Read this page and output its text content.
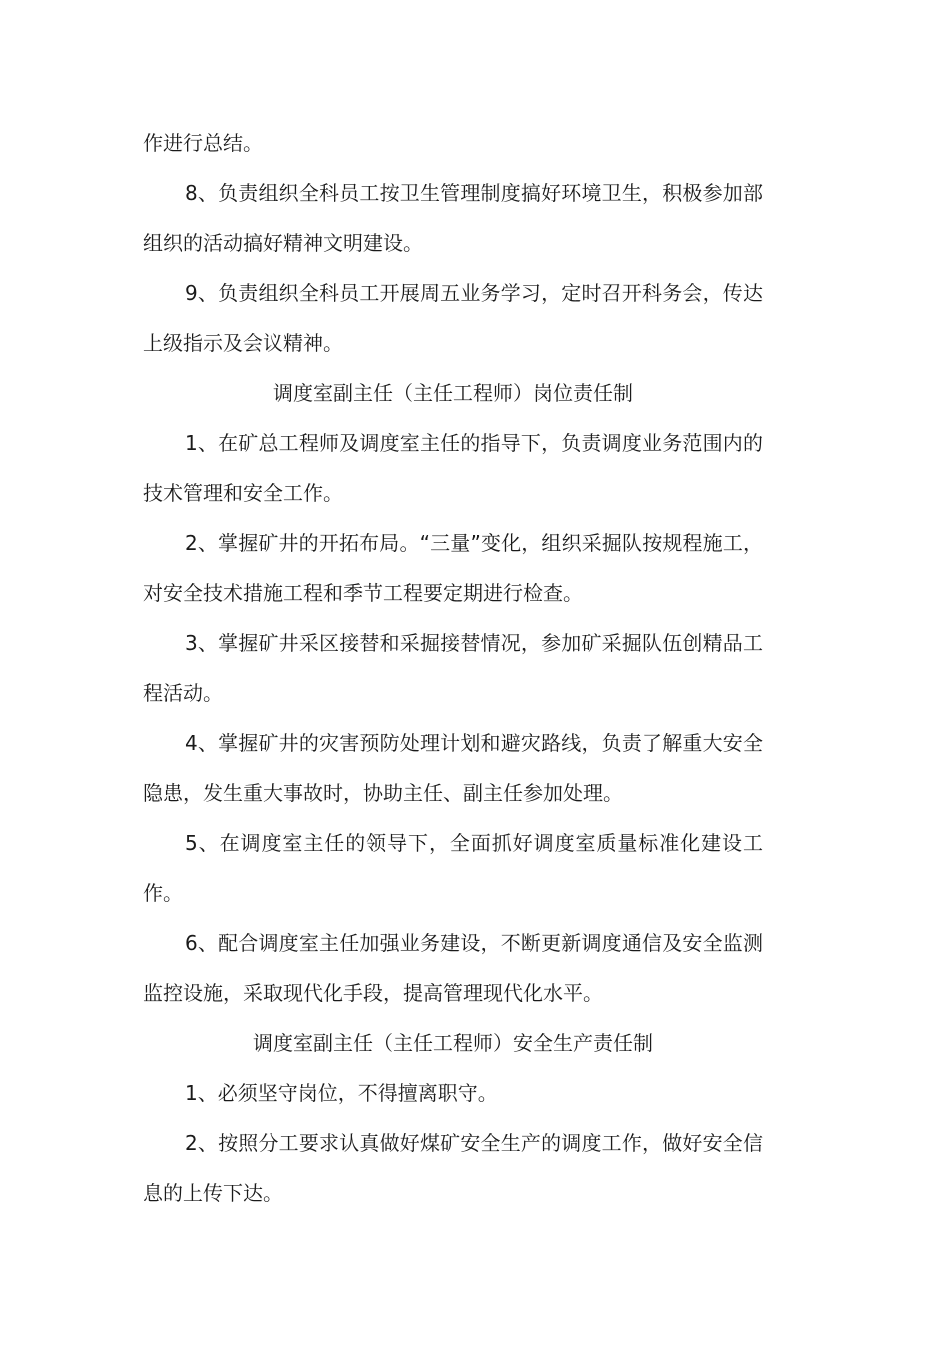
作进行总结。

8、负责组织全科员工按卫生管理制度搞好环境卫生，积极参加部组织的活动搞好精神文明建设。

9、负责组织全科员工开展周五业务学习，定时召开科务会，传达上级指示及会议精神。

调度室副主任（主任工程师）岗位责任制

1、在矿总工程师及调度室主任的指导下，负责调度业务范围内的技术管理和安全工作。

2、掌握矿井的开拓布局。“三量”变化，组织采掘队按规程施工，对安全技术措施工程和季节工程要定期进行检查。

3、掌握矿井采区接替和采掘接替情况，参加矿采掘队伍创精品工程活动。

4、掌握矿井的灾害预防处理计划和避灾路线，负责了解重大安全隐患，发生重大事故时，协助主任、副主任参加处理。

5、在调度室主任的领导下，全面抓好调度室质量标准化建设工作。

6、配合调度室主任加强业务建设，不断更新调度通信及安全监测监控设施，采取现代化手段，提高管理现代化水平。

调度室副主任（主任工程师）安全生产责任制

1、必须坚守岗位，不得擅离职守。

2、按照分工要求认真做好煤矿安全生产的调度工作，做好安全信息的上传下达。
